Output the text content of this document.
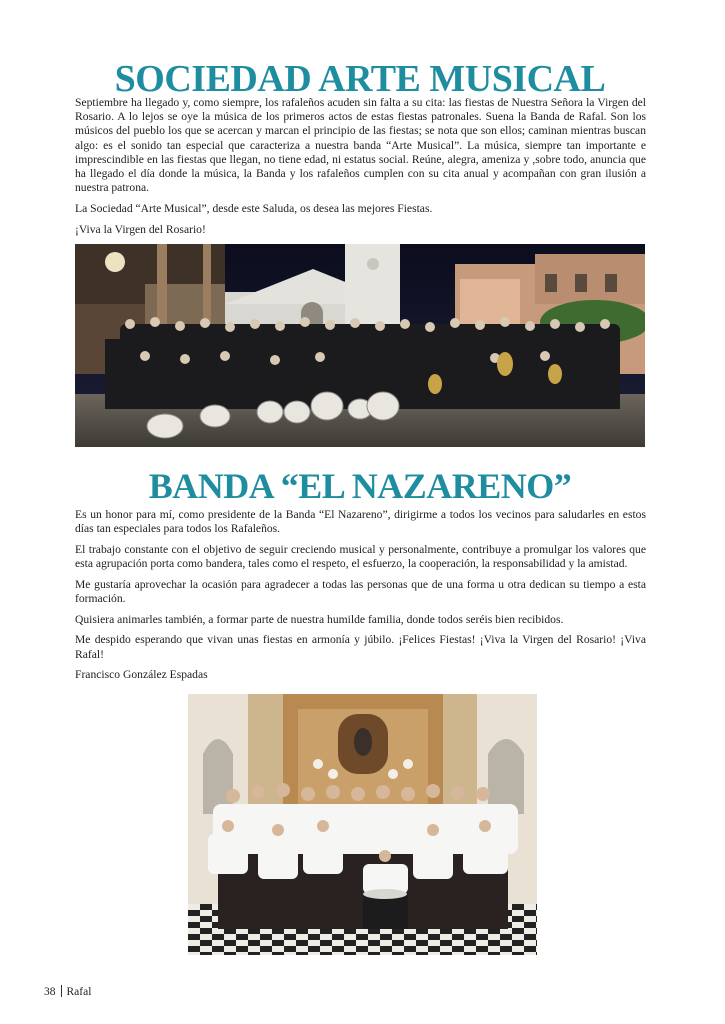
SOCIEDAD ARTE MUSICAL

Septiembre ha llegado y, como siempre, los rafaleños acuden sin falta a su cita: las fiestas de Nuestra Señora la Virgen del Rosario. A lo lejos se oye la música de los primeros actos de estas fiestas patronales. Suena la Banda de Rafal. Son los músicos del pueblo los que se acercan y marcan el principio de las fiestas; se nota que son ellos; caminan mientras buscan algo: es el sonido tan especial que caracteriza a nuestra banda “Arte Musical”. La música, siempre tan importante e imprescindible en las fiestas que llegan, no tiene edad, ni estatus social. Reúne, alegra, ameniza y ,sobre todo, anuncia que ha llegado el día donde la música, la Banda y los rafaleños cumplen con su cita anual y acompañan con gran ilusión a nuestra patrona.

La Sociedad “Arte Musical”, desde este Saluda, os desea las mejores Fiestas.

¡Viva la Virgen del Rosario!

BANDA “EL NAZARENO”

Es un honor para mí, como presidente de la Banda “El Nazareno”, dirigirme a todos los vecinos para saludarles en estos días tan especiales para todos los Rafaleños.

El trabajo constante con el objetivo de seguir creciendo musical y personalmente, contribuye a promulgar los valores que esta agrupación porta como bandera, tales como el respeto, el esfuerzo, la cooperación, la responsabilidad y la amistad.

Me gustaría aprovechar la ocasión para agradecer a todas las personas que de una forma u otra dedican su tiempo a esta formación.

Quisiera animarles también, a formar parte de nuestra humilde familia, donde todos seréis bien recibidos.

Me despido esperando que vivan unas fiestas en armonía y júbilo. ¡Felices Fiestas! ¡Viva la Virgen del Rosario! ¡Viva Rafal!

Francisco González Espadas

38 Rafal
